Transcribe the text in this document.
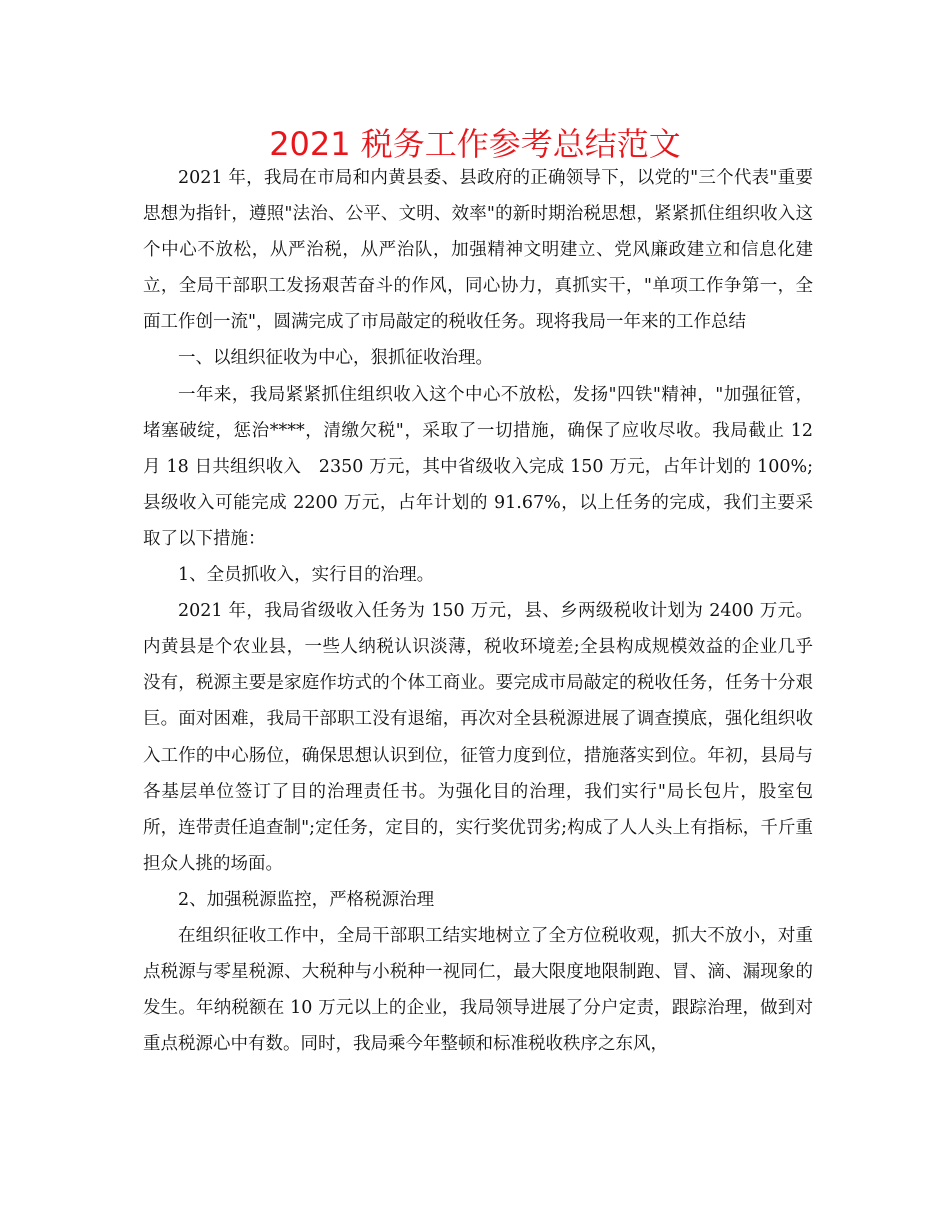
2021 税务工作参考总结范文

2021 年，我局在市局和内黄县委、县政府的正确领导下，以党的"三个代表"重要思想为指针，遵照"法治、公平、文明、效率"的新时期治税思想，紧紧抓住组织收入这个中心不放松，从严治税，从严治队，加强精神文明建立、党风廉政建立和信息化建立，全局干部职工发扬艰苦奋斗的作风，同心协力，真抓实干，"单项工作争第一，全面工作创一流"，圆满完成了市局敲定的税收任务。现将我局一年来的工作总结

一、以组织征收为中心，狠抓征收治理。

一年来，我局紧紧抓住组织收入这个中心不放松，发扬"四铁"精神，"加强征管，堵塞破绽，惩治****，清缴欠税"，采取了一切措施，确保了应收尽收。我局截止 12 月 18 日共组织收入　2350 万元，其中省级收入完成 150 万元，占年计划的 100%;县级收入可能完成 2200 万元，占年计划的 91.67%，以上任务的完成，我们主要采取了以下措施：

1、全员抓收入，实行目的治理。

2021 年，我局省级收入任务为 150 万元，县、乡两级税收计划为 2400 万元。内黄县是个农业县，一些人纳税认识淡薄，税收环境差;全县构成规模效益的企业几乎没有，税源主要是家庭作坊式的个体工商业。要完成市局敲定的税收任务，任务十分艰巨。面对困难，我局干部职工没有退缩，再次对全县税源进展了调查摸底，强化组织收入工作的中心肠位，确保思想认识到位，征管力度到位，措施落实到位。年初，县局与各基层单位签订了目的治理责任书。为强化目的治理，我们实行"局长包片，股室包所，连带责任追查制";定任务，定目的，实行奖优罚劣;构成了人人头上有指标，千斤重担众人挑的场面。

2、加强税源监控，严格税源治理

在组织征收工作中，全局干部职工结实地树立了全方位税收观，抓大不放小，对重点税源与零星税源、大税种与小税种一视同仁，最大限度地限制跑、冒、滴、漏现象的发生。年纳税额在 10 万元以上的企业，我局领导进展了分户定责，跟踪治理，做到对重点税源心中有数。同时，我局乘今年整顿和标准税收秩序之东风，
